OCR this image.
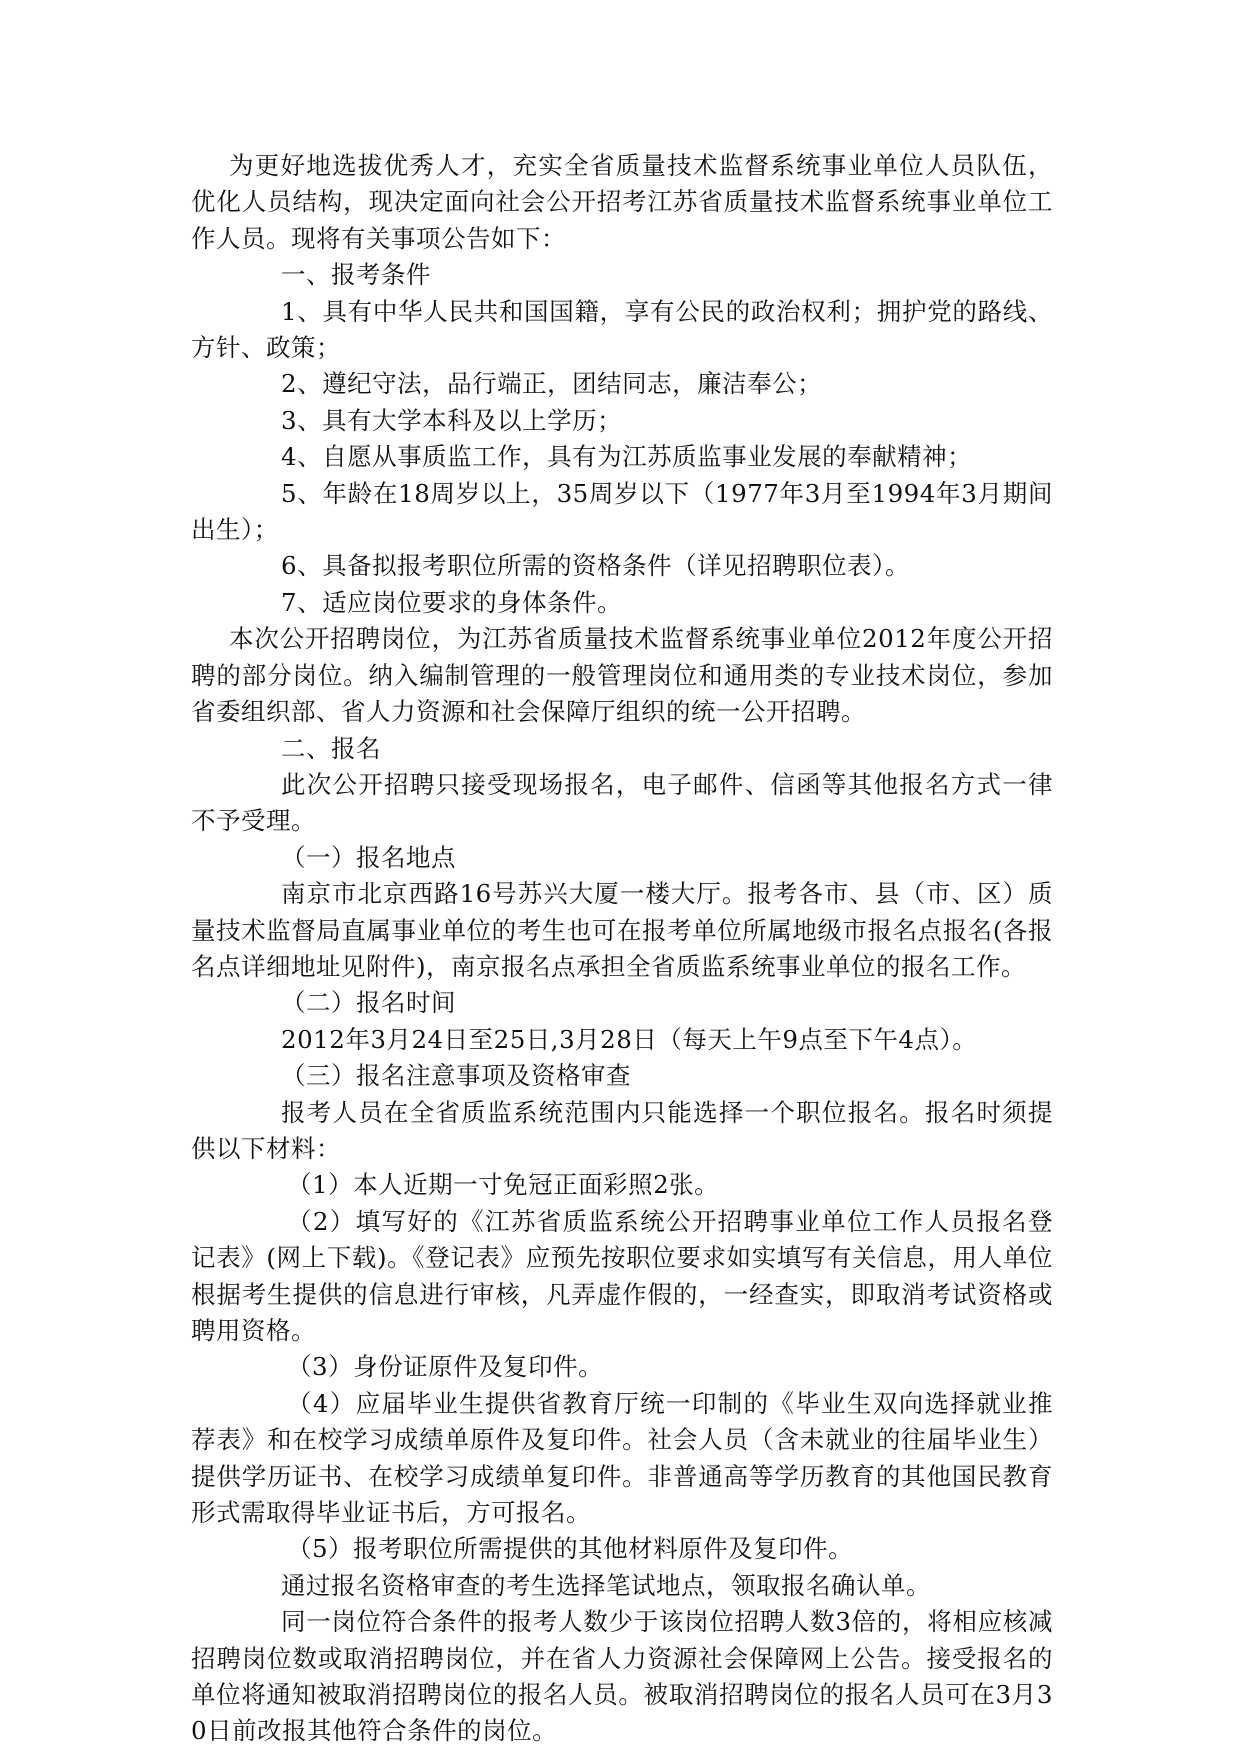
为更好地选拔优秀人才，充实全省质量技术监督系统事业单位人员队伍，优化人员结构，现决定面向社会公开招考江苏省质量技术监督系统事业单位工作人员。现将有关事项公告如下：

一、报考条件

1、具有中华人民共和国国籍，享有公民的政治权利；拥护党的路线、方针、政策；

2、遵纪守法，品行端正，团结同志，廉洁奉公；

3、具有大学本科及以上学历；

4、自愿从事质监工作，具有为江苏质监事业发展的奉献精神；

5、年龄在18周岁以上，35周岁以下（1977年3月至1994年3月期间出生）；

6、具备拟报考职位所需的资格条件（详见招聘职位表）。

7、适应岗位要求的身体条件。

本次公开招聘岗位，为江苏省质量技术监督系统事业单位2012年度公开招聘的部分岗位。纳入编制管理的一般管理岗位和通用类的专业技术岗位，参加省委组织部、省人力资源和社会保障厅组织的统一公开招聘。

二、报名

此次公开招聘只接受现场报名，电子邮件、信函等其他报名方式一律不予受理。

（一）报名地点

南京市北京西路16号苏兴大厦一楼大厅。报考各市、县（市、区）质量技术监督局直属事业单位的考生也可在报考单位所属地级市报名点报名(各报名点详细地址见附件)，南京报名点承担全省质监系统事业单位的报名工作。

（二）报名时间

2012年3月24日至25日,3月28日（每天上午9点至下午4点）。

（三）报名注意事项及资格审查

报考人员在全省质监系统范围内只能选择一个职位报名。报名时须提供以下材料：

（1）本人近期一寸免冠正面彩照2张。

（2）填写好的《江苏省质监系统公开招聘事业单位工作人员报名登记表》(网上下载)。《登记表》应预先按职位要求如实填写有关信息，用人单位根据考生提供的信息进行审核，凡弄虚作假的，一经查实，即取消考试资格或聘用资格。

（3）身份证原件及复印件。

（4）应届毕业生提供省教育厅统一印制的《毕业生双向选择就业推荐表》和在校学习成绩单原件及复印件。社会人员（含未就业的往届毕业生）提供学历证书、在校学习成绩单复印件。非普通高等学历教育的其他国民教育形式需取得毕业证书后，方可报名。

（5）报考职位所需提供的其他材料原件及复印件。

通过报名资格审查的考生选择笔试地点，领取报名确认单。

同一岗位符合条件的报考人数少于该岗位招聘人数3倍的，将相应核减招聘岗位数或取消招聘岗位，并在省人力资源社会保障网上公告。接受报名的单位将通知被取消招聘岗位的报名人员。被取消招聘岗位的报名人员可在3月30日前改报其他符合条件的岗位。
